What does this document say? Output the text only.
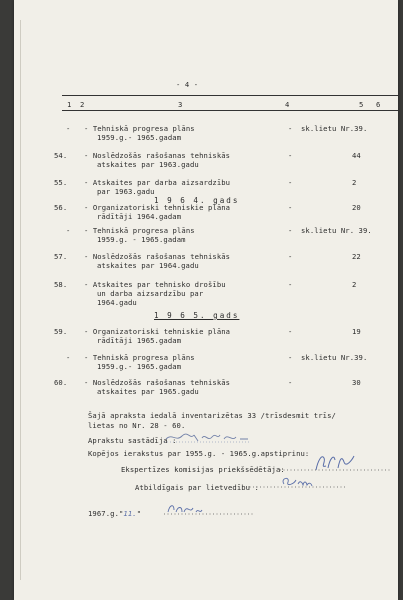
- 4 -
1 2	3	4	5 6
- - Tehniskā progresa plāns
1959.g.- 1965.gadam
- sk.lietu Nr.39.
54. - Noslēdzošās rašošanas tehniskās
atskaites par 1963.gadu
-	44
55. - Atskaites par darba aizsardzību
par 1963.gadu
-	2
1 9 6 4. gads
56. - Organizatoriski tehniskie plāna
rādītāji 1964.gadam
-	20
- - Tehniskā progresa plāns
1959.g. - 1965.gadam
- sk.lietu Nr. 39.
57. - Noslēdzošās rašošanas tehniskās
atskaites par 1964.gadu
-	22
58. - Atskaites par tehnisko drošību
un darba aizsardzību par
1964.gadu
-	2
1 9 6 5. gads
59. - Organizatoriski tehniskie plāna
rādītāji 1965.gadam
-	19
- - Tehniskā progresa plāns
1959.g.- 1965.gadam
- sk.lietu Nr.39.
60. - Noslēdzošās rašošanas tehniskās
atskaites par 1965.gadu
-	30
Šajā apraksta iedalā inventarizētas 33 /trīsdesmit trīs/
lietas no Nr. 28 - 60.
Aprakstu sastādīja :
Kopējos ierakstus par 1955.g. - 1965.g.apstiprinu:
Ekspertīzes komisijas priekšsēdētāja:
Atbildīgais par lietvedību :
1967.g."11."
